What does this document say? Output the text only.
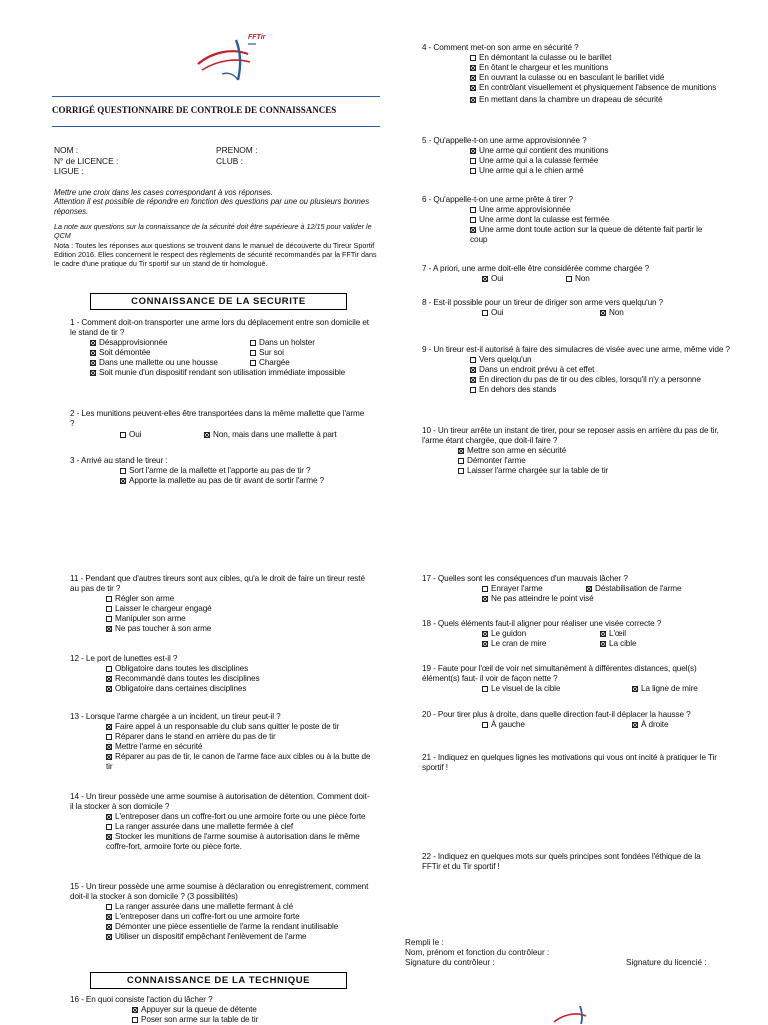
FFTir
CORRIGÉ QUESTIONNAIRE DE CONTROLE DE CONNAISSANCES
NOM :
N° de LICENCE :
LIGUE :
PRENOM :
CLUB :
Mettre une croix dans les cases correspondant à vos réponses.
Attention il est possible de répondre en fonction des questions par une ou plusieurs bonnes réponses.
La note aux questions sur la connaissance de la sécurité doit être supérieure à 12/15 pour valider le QCM
Nota : Toutes les réponses aux questions se trouvent dans le manuel de découverte du Tireur Sportif Edition 2016. Elles concernent le respect des règlements de sécurité recommandés par la FFTir dans le cadre d'une pratique du Tir sportif sur un stand de tir homologué.
CONNAISSANCE DE LA SECURITE
1 - Comment doit-on transporter une arme lors du déplacement entre son domicile et le stand de tir ?
Désapprovisionnée	Dans un holster
Soit démontée	Sur soi
Dans une mallette ou une housse	Chargée
Soit munie d'un dispositif rendant son utilisation immédiate impossible
2 - Les munitions peuvent-elles être transportées dans la même mallette que l'arme ?
Oui	Non, mais dans une mallette à part
3 - Arrivé au stand le tireur :
Sort l'arme de la mallette et l'apporte au pas de tir ?
Apporte la mallette au pas de tir avant de sortir l'arme ?
4 - Comment met-on son arme en sécurité ?
En démontant la culasse ou le barillet
En ôtant le chargeur et les munitions
En ouvrant la culasse ou en basculant le barillet vidé
En contrôlant visuellement et physiquement l'absence de munitions
En mettant dans la chambre un drapeau de sécurité
5 - Qu'appelle-t-on une arme approvisionnée ?
Une arme qui contient des munitions
Une arme qui a la culasse fermée
Une arme qui a le chien armé
6 - Qu'appelle-t-on une arme prête à tirer ?
Une arme approvisionnée
Une arme dont la culasse est fermée
Une arme dont toute action sur la queue de détente fait partir le coup
7 - A priori, une arme doit-elle être considérée comme chargée ?
Oui	Non
8 - Est-il possible pour un tireur de diriger son arme vers quelqu'un ?
Oui	Non
9 - Un tireur est-il autorisé à faire des simulacres de visée avec une arme, même vide ?
Vers quelqu'un
Dans un endroit prévu à cet effet
En direction du pas de tir ou des cibles, lorsqu'il n'y a personne
En dehors des stands
10 - Un tireur arrête un instant de tirer, pour se reposer assis en arrière du pas de tir, l'arme étant chargée, que doit-il faire ?
Mettre son arme en sécurité
Démonter l'arme
Laisser l'arme chargée sur la table de tir
11 - Pendant que d'autres tireurs sont aux cibles, qu'a le droit de faire un tireur resté au pas de tir ?
Régler son arme
Laisser le chargeur engagé
Manipuler son arme
Ne pas toucher à son arme
12 - Le port de lunettes est-il ?
Obligatoire dans toutes les disciplines
Recommandé dans toutes les disciplines
Obligatoire dans certaines disciplines
13 - Lorsque l'arme chargée a un incident, un tireur peut-il ?
Faire appel à un responsable du club sans quitter le poste de tir
Réparer dans le stand en arrière du pas de tir
Mettre l'arme en sécurité
Réparer au pas de tir, le canon de l'arme face aux cibles ou à la butte de tir
14 - Un tireur possède une arme soumise à autorisation de détention. Comment doit-il la stocker à son domicile ?
L'entreposer dans un coffre-fort ou une armoire forte ou une pièce forte
La ranger assurée dans une mallette fermée à clef
Stocker les munitions de l'arme soumise à autorisation dans le même coffre-fort, armoire forte ou pièce forte.
15 - Un tireur possède une arme soumise à déclaration ou enregistrement, comment doit-il la stocker à son domicile ? (3 possibilités)
La ranger assurée dans une mallette fermant à clé
L'entreposer dans un coffre-fort ou une armoire forte
Démonter une pièce essentielle de l'arme la rendant inutilisable
Utiliser un dispositif empêchant l'enlèvement de l'arme
CONNAISSANCE DE LA TECHNIQUE
16 - En quoi consiste l'action du lâcher ?
Appuyer sur la queue de détente
Poser son arme sur la table de tir
17 - Quelles sont les conséquences d'un mauvais lâcher ?
Enrayer l'arme	Déstabilisation de l'arme
Ne pas atteindre le point visé
18 - Quels éléments faut-il aligner pour réaliser une visée correcte ?
Le guidon	L'œil
Le cran de mire	La cible
19 - Faute pour l'œil de voir net simultanément à différentes distances, quel(s) élément(s) faut- il voir de façon nette ?
Le visuel de la cible	La ligne de mire
20 - Pour tirer plus à droite, dans quelle direction faut-il déplacer la hausse ?
À gauche	À droite
21 - Indiquez en quelques lignes les motivations qui vous ont incité à pratiquer le Tir sportif !
22 - Indiquez en quelques mots sur quels principes sont fondées l'éthique de la FFTir et du Tir sportif !
Rempli le :
Nom, prénom et fonction du contrôleur :
Signature du contrôleur :	Signature du licencié :
